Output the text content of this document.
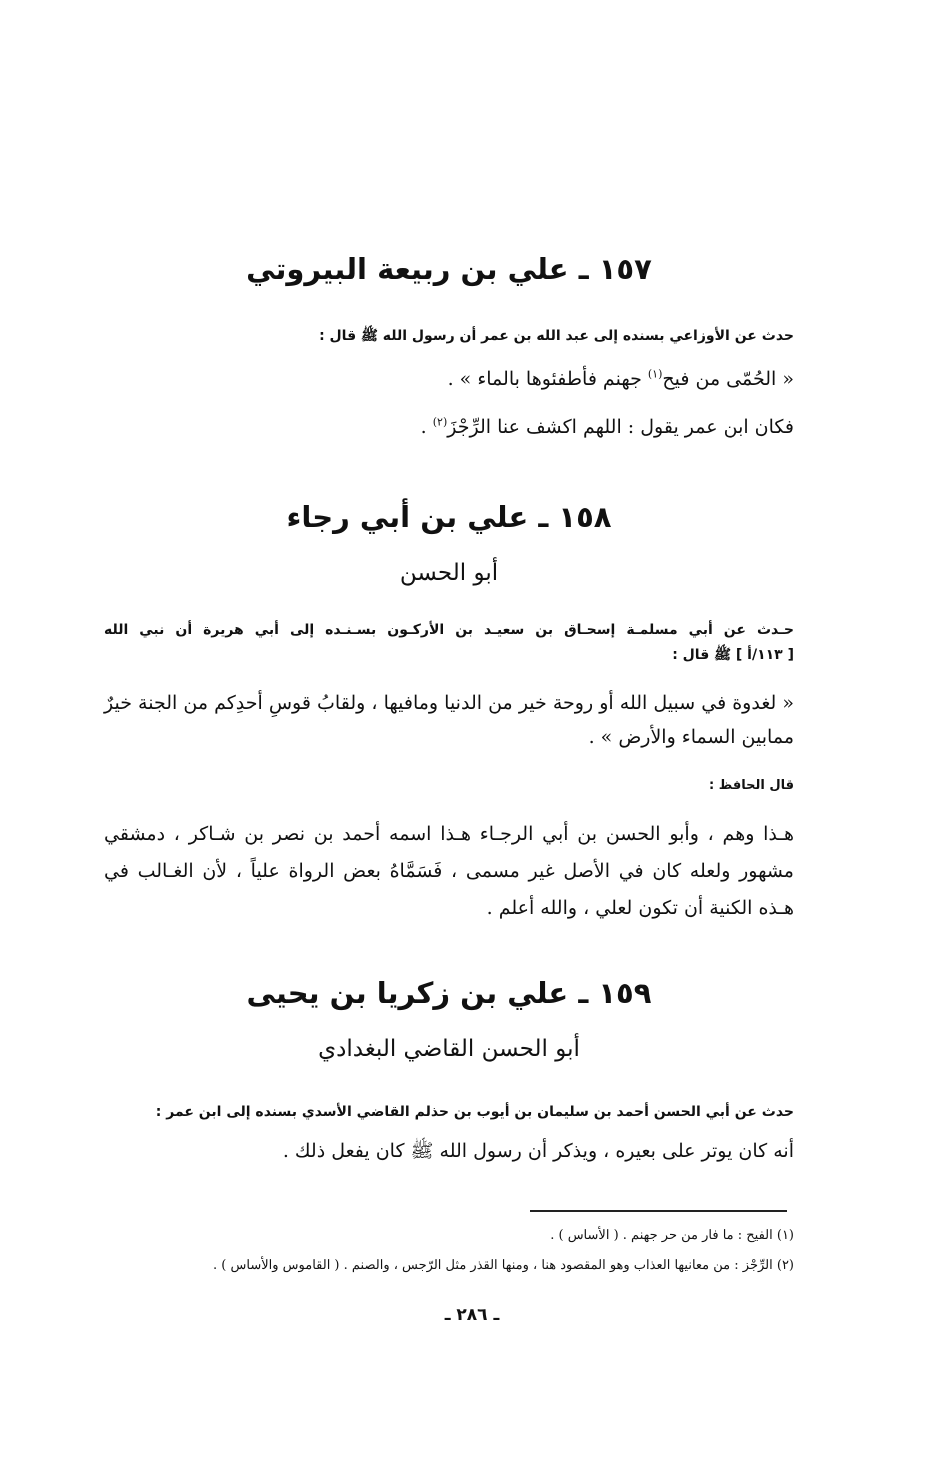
١٥٧ ـ علي بن ربيعة البيروتي

حدث عن الأوزاعي بسنده إلى عبد الله بن عمر أن رسول الله ﷺ قال :

« الحُمّى من فيح$^{(١)}$ جهنم فأطفئوها بالماء » .

فكان ابن عمر يقول : اللهم اكشف عنا الرِّجْزَ$^{(٢)}$ .

١٥٨ ـ علي بن أبي رجاء

أبو الحسن

حـدث عن أبي مسلمـة إسحـاق بن سعيـد بن الأركـون بسـنـده إلى أبي هريرة أن نبي الله

[ ١١٣/أ ] ﷺ قال :

« لغدوة في سبيل الله أو روحة خير من الدنيا ومافيها ، ولقابُ قوسِ أحدِكم من الجنة خيرٌ ممابين السماء والأرض » .

قال الحافظ :

هـذا وهم ، وأبو الحسن بن أبي الرجـاء هـذا اسمه أحمد بن نصر بن شـاكر ، دمشقي مشهور ولعله كان في الأصل غير مسمى ، فَسَمَّاهُ بعض الرواة علياً ، لأن الغـالب في هـذه الكنية أن تكون لعلي ، والله أعلم .

١٥٩ ـ علي بن زكريا بن يحيى

أبو الحسن القاضي البغدادي

حدث عن أبي الحسن أحمد بن سليمان بن أيوب بن حذلم القاضي الأسدي بسنده إلى ابن عمر :

أنه كان يوتر على بعيره ، ويذكر أن رسول الله ﷺ كان يفعل ذلك .

(١) الفيح : ما فار من حر جهنم . ( الأساس ) .

(٢) الرِّجْز : من معانيها العذاب وهو المقصود هنا ، ومنها القذر مثل الرّجس ، والصنم . ( القاموس والأساس ) .

ـ ٢٨٦ ـ
